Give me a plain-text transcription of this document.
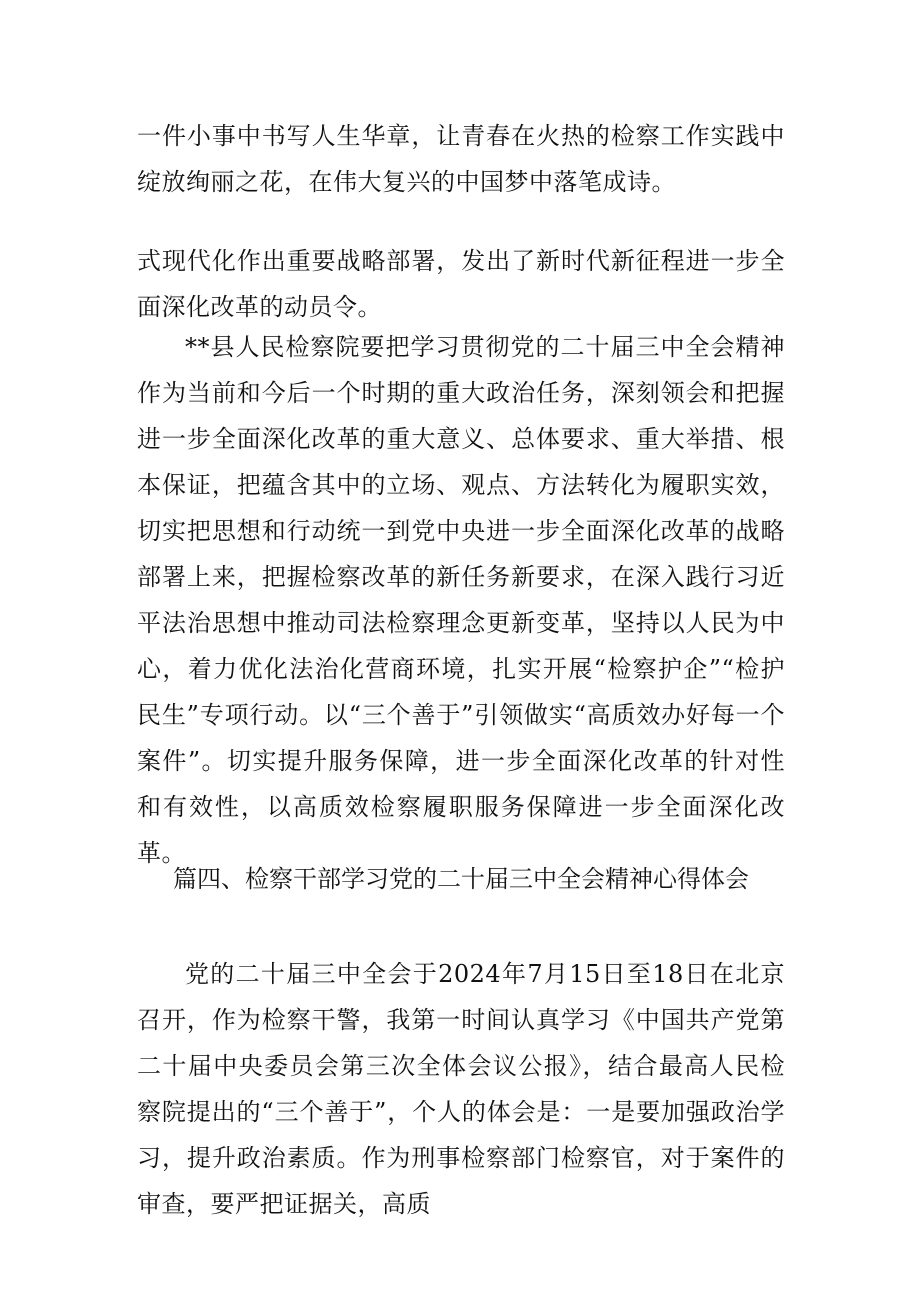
一件小事中书写人生华章，让青春在火热的检察工作实践中绽放绚丽之花，在伟大复兴的中国梦中落笔成诗。

式现代化作出重要战略部署，发出了新时代新征程进一步全面深化改革的动员令。

**县人民检察院要把学习贯彻党的二十届三中全会精神作为当前和今后一个时期的重大政治任务，深刻领会和把握进一步全面深化改革的重大意义、总体要求、重大举措、根本保证，把蕴含其中的立场、观点、方法转化为履职实效，切实把思想和行动统一到党中央进一步全面深化改革的战略部署上来，把握检察改革的新任务新要求，在深入践行习近平法治思想中推动司法检察理念更新变革，坚持以人民为中心，着力优化法治化营商环境，扎实开展“检察护企”“检护民生”专项行动。以“三个善于”引领做实“高质效办好每一个案件”。切实提升服务保障，进一步全面深化改革的针对性和有效性，以高质效检察履职服务保障进一步全面深化改革。

篇四、检察干部学习党的二十届三中全会精神心得体会

党的二十届三中全会于2024年7月15日至18日在北京召开，作为检察干警，我第一时间认真学习《中国共产党第二十届中央委员会第三次全体会议公报》，结合最高人民检察院提出的“三个善于”，个人的体会是：一是要加强政治学习，提升政治素质。作为刑事检察部门检察官，对于案件的审查，要严把证据关，高质
